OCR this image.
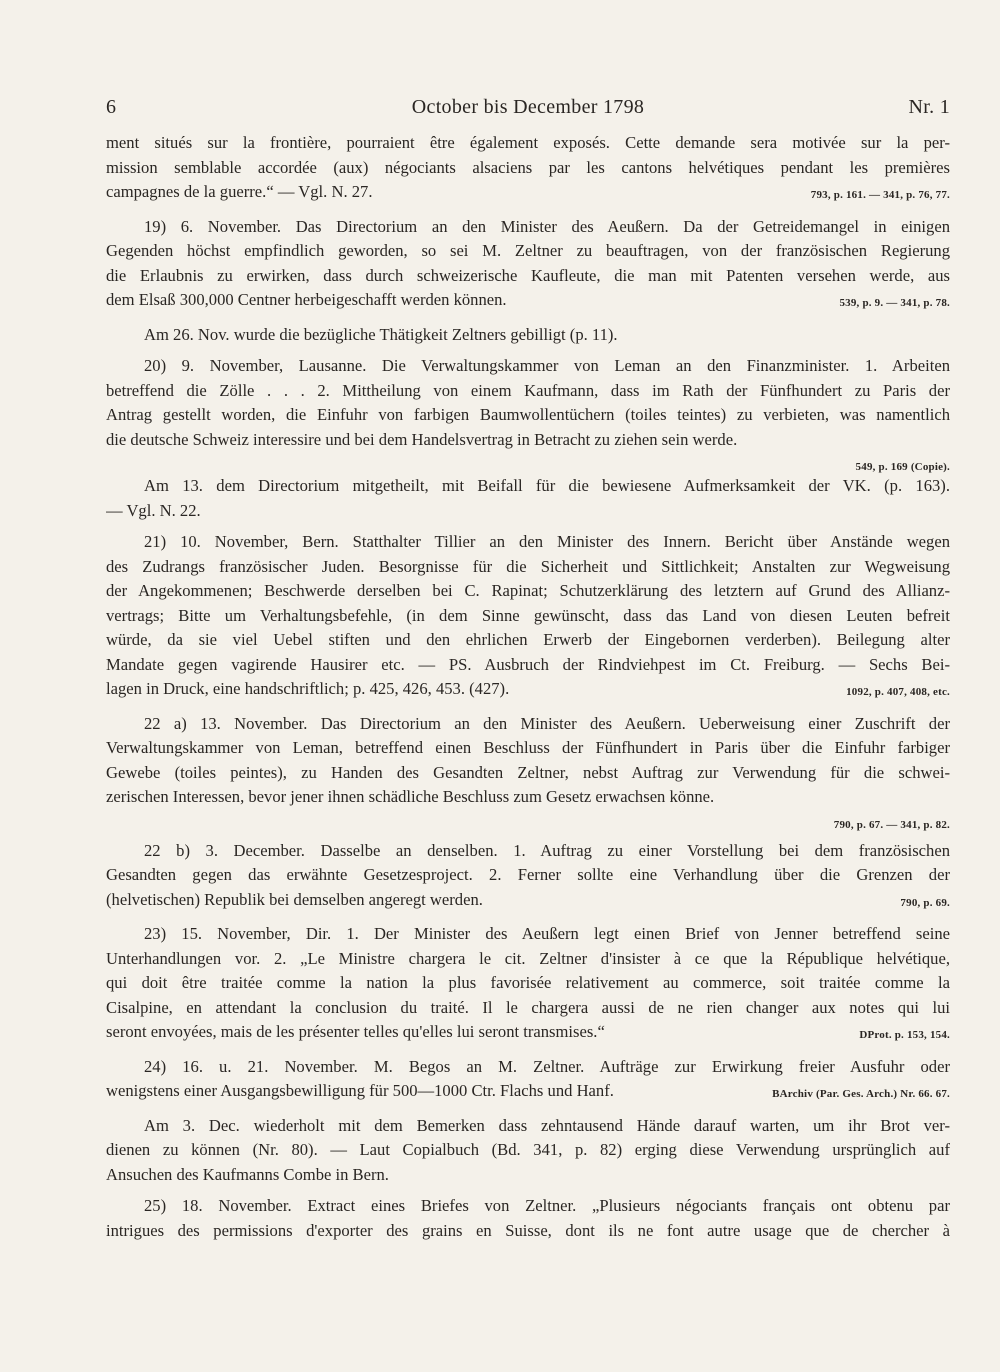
6	October bis December 1798	Nr. 1
ment situés sur la frontière, pourraient être également exposés. Cette demande sera motivée sur la per-
mission semblable accordée (aux) négociants alsaciens par les cantons helvétiques pendant les premières
793, p. 161. — 341, p. 76, 77.
campagnes de la guerre.“ — Vgl. N. 27.
19) 6. November. Das Directorium an den Minister des Aeußern. Da der Getreidemangel in einigen
Gegenden höchst empfindlich geworden, so sei M. Zeltner zu beauftragen, von der französischen Regierung
die Erlaubnis zu erwirken, dass durch schweizerische Kaufleute, die man mit Patenten versehen werde, aus
539, p. 9. — 341, p. 78.
dem Elsaß 300,000 Centner herbeigeschafft werden können.
Am 26. Nov. wurde die bezügliche Thätigkeit Zeltners gebilligt (p. 11).
20) 9. November, Lausanne. Die Verwaltungskammer von Leman an den Finanzminister. 1. Arbeiten
betreffend die Zölle . . . 2. Mittheilung von einem Kaufmann, dass im Rath der Fünfhundert zu Paris der
Antrag gestellt worden, die Einfuhr von farbigen Baumwollentüchern (toiles teintes) zu verbieten, was namentlich
die deutsche Schweiz interessire und bei dem Handelsvertrag in Betracht zu ziehen sein werde.
549, p. 169 (Copie).
Am 13. dem Directorium mitgetheilt, mit Beifall für die bewiesene Aufmerksamkeit der VK. (p. 163).
— Vgl. N. 22.
21) 10. November, Bern. Statthalter Tillier an den Minister des Innern. Bericht über Anstände wegen
des Zudrangs französischer Juden. Besorgnisse für die Sicherheit und Sittlichkeit; Anstalten zur Wegweisung
der Angekommenen; Beschwerde derselben bei C. Rapinat; Schutzerklärung des letztern auf Grund des Allianz-
vertrags; Bitte um Verhaltungsbefehle, (in dem Sinne gewünscht, dass das Land von diesen Leuten befreit
würde, da sie viel Uebel stiften und den ehrlichen Erwerb der Eingebornen verderben). Beilegung alter
Mandate gegen vagirende Hausirer etc. — PS. Ausbruch der Rindviehpest im Ct. Freiburg. — Sechs Bei-
1092, p. 407, 408, etc.
lagen in Druck, eine handschriftlich; p. 425, 426, 453. (427).
22 a) 13. November. Das Directorium an den Minister des Aeußern. Ueberweisung einer Zuschrift der
Verwaltungskammer von Leman, betreffend einen Beschluss der Fünfhundert in Paris über die Einfuhr farbiger
Gewebe (toiles peintes), zu Handen des Gesandten Zeltner, nebst Auftrag zur Verwendung für die schwei-
zerischen Interessen, bevor jener ihnen schädliche Beschluss zum Gesetz erwachsen könne.
790, p. 67. — 341, p. 82.
22 b) 3. December. Dasselbe an denselben. 1. Auftrag zu einer Vorstellung bei dem französischen
Gesandten gegen das erwähnte Gesetzesproject. 2. Ferner sollte eine Verhandlung über die Grenzen der
790, p. 69.
(helvetischen) Republik bei demselben angeregt werden.
23) 15. November, Dir. 1. Der Minister des Aeußern legt einen Brief von Jenner betreffend seine
Unterhandlungen vor. 2. „Le Ministre chargera le cit. Zeltner d'insister à ce que la République helvétique,
qui doit être traitée comme la nation la plus favorisée relativement au commerce, soit traitée comme la
Cisalpine, en attendant la conclusion du traité. Il le chargera aussi de ne rien changer aux notes qui lui
DProt. p. 153, 154.
seront envoyées, mais de les présenter telles qu'elles lui seront transmises.“
24) 16. u. 21. November. M. Begos an M. Zeltner. Aufträge zur Erwirkung freier Ausfuhr oder
BArchiv (Par. Ges. Arch.) Nr. 66. 67.
wenigstens einer Ausgangsbewilligung für 500—1000 Ctr. Flachs und Hanf.
Am 3. Dec. wiederholt mit dem Bemerken dass zehntausend Hände darauf warten, um ihr Brot ver-
dienen zu können (Nr. 80). — Laut Copialbuch (Bd. 341, p. 82) erging diese Verwendung ursprünglich auf
Ansuchen des Kaufmanns Combe in Bern.
25) 18. November. Extract eines Briefes von Zeltner. „Plusieurs négociants français ont obtenu par
intrigues des permissions d'exporter des grains en Suisse, dont ils ne font autre usage que de chercher à
